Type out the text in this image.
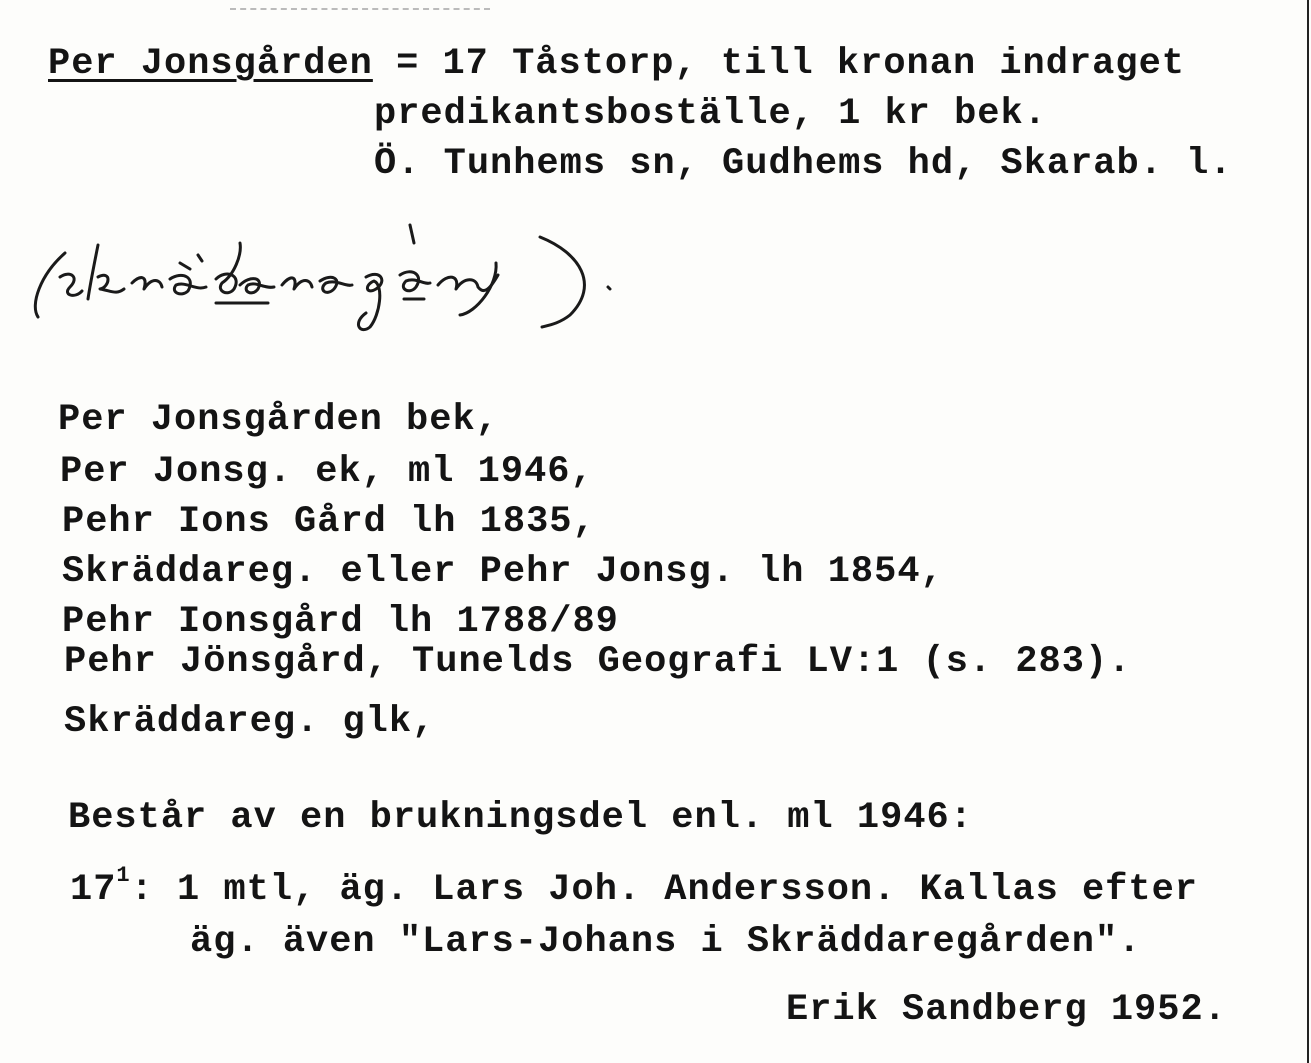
Per Jonsgården = 17 Tåstorp, till kronan indraget
predikantsboställe, 1 kr bek.
Ö. Tunhems sn, Gudhems hd, Skarab. l.
Per Jonsgården bek,
Per Jonsg. ek, ml 1946,
Pehr Ions Gård lh 1835,
Skräddareg. eller Pehr Jonsg. lh 1854,
Pehr Ionsgård lh 1788/89
Pehr Jönsgård, Tunelds Geografi LV:1 (s. 283).
Skräddareg. glk,
Består av en brukningsdel enl. ml 1946:
$17^1$: 1 mtl, äg. Lars Joh. Andersson. Kallas efter
äg. även "Lars-Johans i Skräddaregården".
Erik Sandberg 1952.
